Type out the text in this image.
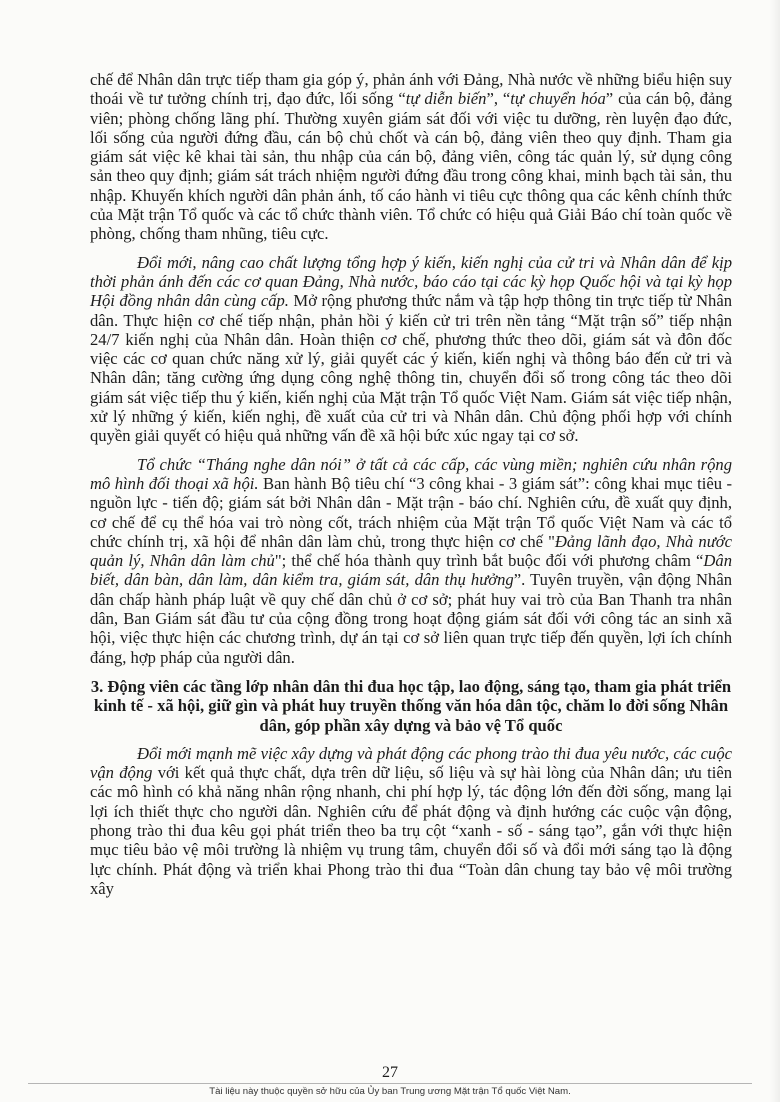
chế để Nhân dân trực tiếp tham gia góp ý, phản ánh với Đảng, Nhà nước về những biểu hiện suy thoái về tư tưởng chính trị, đạo đức, lối sống “tự diễn biến”, “tự chuyển hóa” của cán bộ, đảng viên; phòng chống lãng phí. Thường xuyên giám sát đối với việc tu dưỡng, rèn luyện đạo đức, lối sống của người đứng đầu, cán bộ chủ chốt và cán bộ, đảng viên theo quy định. Tham gia giám sát việc kê khai tài sản, thu nhập của cán bộ, đảng viên, công tác quản lý, sử dụng công sản theo quy định; giám sát trách nhiệm người đứng đầu trong công khai, minh bạch tài sản, thu nhập. Khuyến khích người dân phản ánh, tố cáo hành vi tiêu cực thông qua các kênh chính thức của Mặt trận Tổ quốc và các tổ chức thành viên. Tổ chức có hiệu quả Giải Báo chí toàn quốc về phòng, chống tham nhũng, tiêu cực.

Đổi mới, nâng cao chất lượng tổng hợp ý kiến, kiến nghị của cử tri và Nhân dân để kịp thời phản ánh đến các cơ quan Đảng, Nhà nước, báo cáo tại các kỳ họp Quốc hội và tại kỳ họp Hội đồng nhân dân cùng cấp. Mở rộng phương thức nắm và tập hợp thông tin trực tiếp từ Nhân dân. Thực hiện cơ chế tiếp nhận, phản hồi ý kiến cử tri trên nền tảng “Mặt trận số” tiếp nhận 24/7 kiến nghị của Nhân dân. Hoàn thiện cơ chế, phương thức theo dõi, giám sát và đôn đốc việc các cơ quan chức năng xử lý, giải quyết các ý kiến, kiến nghị và thông báo đến cử tri và Nhân dân; tăng cường ứng dụng công nghệ thông tin, chuyển đổi số trong công tác theo dõi giám sát việc tiếp thu ý kiến, kiến nghị của Mặt trận Tổ quốc Việt Nam. Giám sát việc tiếp nhận, xử lý những ý kiến, kiến nghị, đề xuất của cử tri và Nhân dân. Chủ động phối hợp với chính quyền giải quyết có hiệu quả những vấn đề xã hội bức xúc ngay tại cơ sở.

Tổ chức “Tháng nghe dân nói” ở tất cả các cấp, các vùng miền; nghiên cứu nhân rộng mô hình đối thoại xã hội. Ban hành Bộ tiêu chí “3 công khai - 3 giám sát”: công khai mục tiêu - nguồn lực - tiến độ; giám sát bởi Nhân dân - Mặt trận - báo chí. Nghiên cứu, đề xuất quy định, cơ chế để cụ thể hóa vai trò nòng cốt, trách nhiệm của Mặt trận Tổ quốc Việt Nam và các tổ chức chính trị, xã hội để nhân dân làm chủ, trong thực hiện cơ chế "Đảng lãnh đạo, Nhà nước quản lý, Nhân dân làm chủ"; thể chế hóa thành quy trình bắt buộc đối với phương châm “Dân biết, dân bàn, dân làm, dân kiểm tra, giám sát, dân thụ hưởng”. Tuyên truyền, vận động Nhân dân chấp hành pháp luật về quy chế dân chủ ở cơ sở; phát huy vai trò của Ban Thanh tra nhân dân, Ban Giám sát đầu tư của cộng đồng trong hoạt động giám sát đối với công tác an sinh xã hội, việc thực hiện các chương trình, dự án tại cơ sở liên quan trực tiếp đến quyền, lợi ích chính đáng, hợp pháp của người dân.

3. Động viên các tầng lớp nhân dân thi đua học tập, lao động, sáng tạo, tham gia phát triển kinh tế - xã hội, giữ gìn và phát huy truyền thống văn hóa dân tộc, chăm lo đời sống Nhân dân, góp phần xây dựng và bảo vệ Tổ quốc

Đổi mới mạnh mẽ việc xây dựng và phát động các phong trào thi đua yêu nước, các cuộc vận động với kết quả thực chất, dựa trên dữ liệu, số liệu và sự hài lòng của Nhân dân; ưu tiên các mô hình có khả năng nhân rộng nhanh, chi phí hợp lý, tác động lớn đến đời sống, mang lại lợi ích thiết thực cho người dân. Nghiên cứu để phát động và định hướng các cuộc vận động, phong trào thi đua kêu gọi phát triển theo ba trụ cột “xanh - số - sáng tạo”, gắn với thực hiện mục tiêu bảo vệ môi trường là nhiệm vụ trung tâm, chuyển đổi số và đổi mới sáng tạo là động lực chính. Phát động và triển khai Phong trào thi đua “Toàn dân chung tay bảo vệ môi trường xây

27
Tài liệu này thuộc quyền sở hữu của Ủy ban Trung ương Mặt trận Tổ quốc Việt Nam.
